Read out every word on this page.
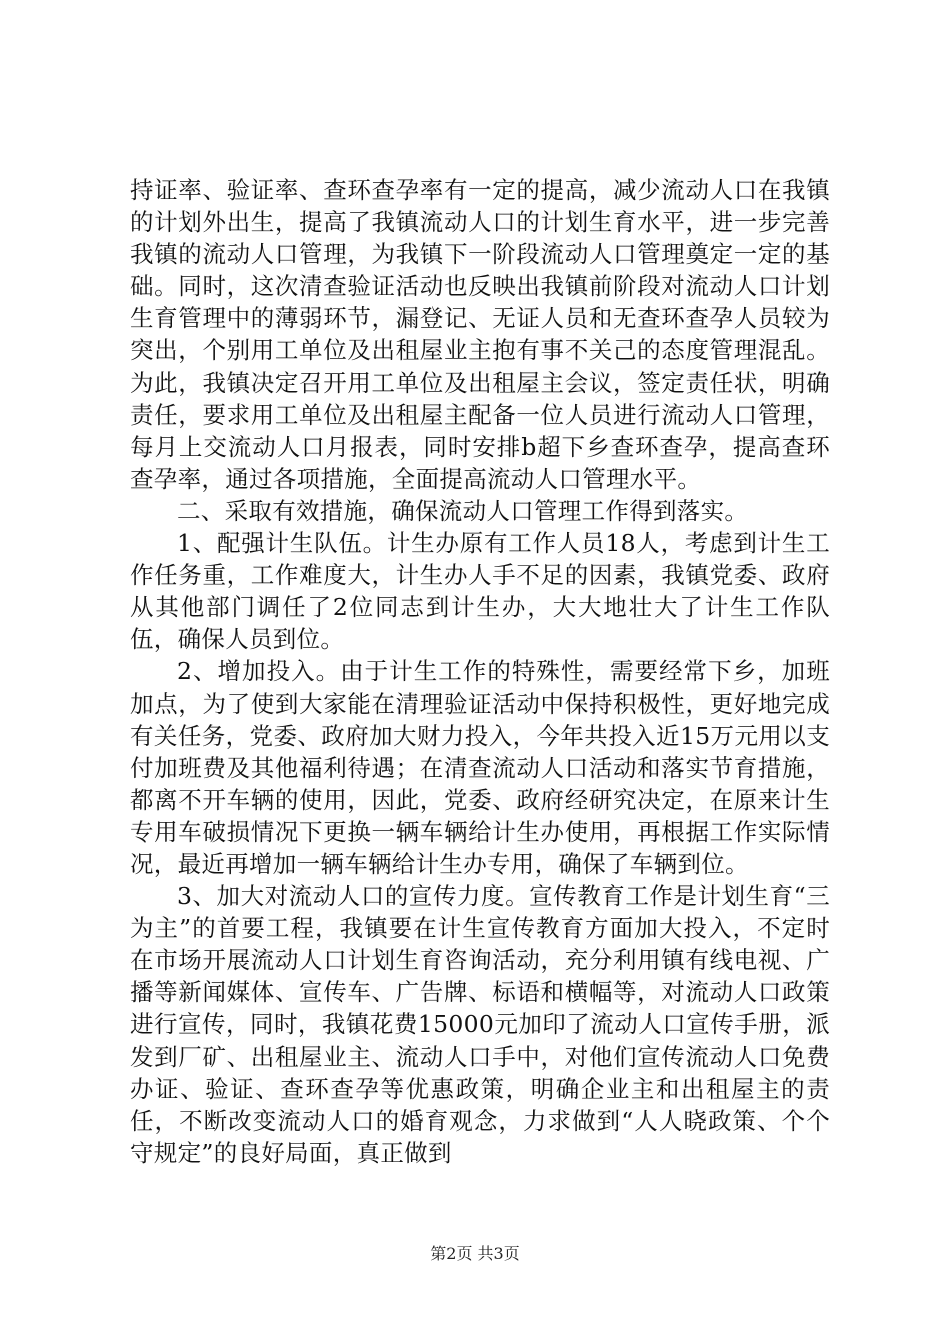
持证率、验证率、查环查孕率有一定的提高，减少流动人口在我镇的计划外出生，提高了我镇流动人口的计划生育水平，进一步完善我镇的流动人口管理，为我镇下一阶段流动人口管理奠定一定的基础。同时，这次清查验证活动也反映出我镇前阶段对流动人口计划生育管理中的薄弱环节，漏登记、无证人员和无查环查孕人员较为突出，个别用工单位及出租屋业主抱有事不关己的态度管理混乱。为此，我镇决定召开用工单位及出租屋主会议，签定责任状，明确责任，要求用工单位及出租屋主配备一位人员进行流动人口管理，每月上交流动人口月报表，同时安排b超下乡查环查孕，提高查环查孕率，通过各项措施，全面提高流动人口管理水平。

二、采取有效措施，确保流动人口管理工作得到落实。

1、配强计生队伍。计生办原有工作人员18人，考虑到计生工作任务重，工作难度大，计生办人手不足的因素，我镇党委、政府从其他部门调任了2位同志到计生办，大大地壮大了计生工作队伍，确保人员到位。

2、增加投入。由于计生工作的特殊性，需要经常下乡，加班加点，为了使到大家能在清理验证活动中保持积极性，更好地完成有关任务，党委、政府加大财力投入，今年共投入近15万元用以支付加班费及其他福利待遇；在清查流动人口活动和落实节育措施，都离不开车辆的使用，因此，党委、政府经研究决定，在原来计生专用车破损情况下更换一辆车辆给计生办使用，再根据工作实际情况，最近再增加一辆车辆给计生办专用，确保了车辆到位。

3、加大对流动人口的宣传力度。宣传教育工作是计划生育“三为主”的首要工程，我镇要在计生宣传教育方面加大投入，不定时在市场开展流动人口计划生育咨询活动，充分利用镇有线电视、广播等新闻媒体、宣传车、广告牌、标语和横幅等，对流动人口政策进行宣传，同时，我镇花费15000元加印了流动人口宣传手册，派发到厂矿、出租屋业主、流动人口手中，对他们宣传流动人口免费办证、验证、查环查孕等优惠政策，明确企业主和出租屋主的责任，不断改变流动人口的婚育观念，力求做到“人人晓政策、个个守规定”的良好局面，真正做到

第2页 共3页
